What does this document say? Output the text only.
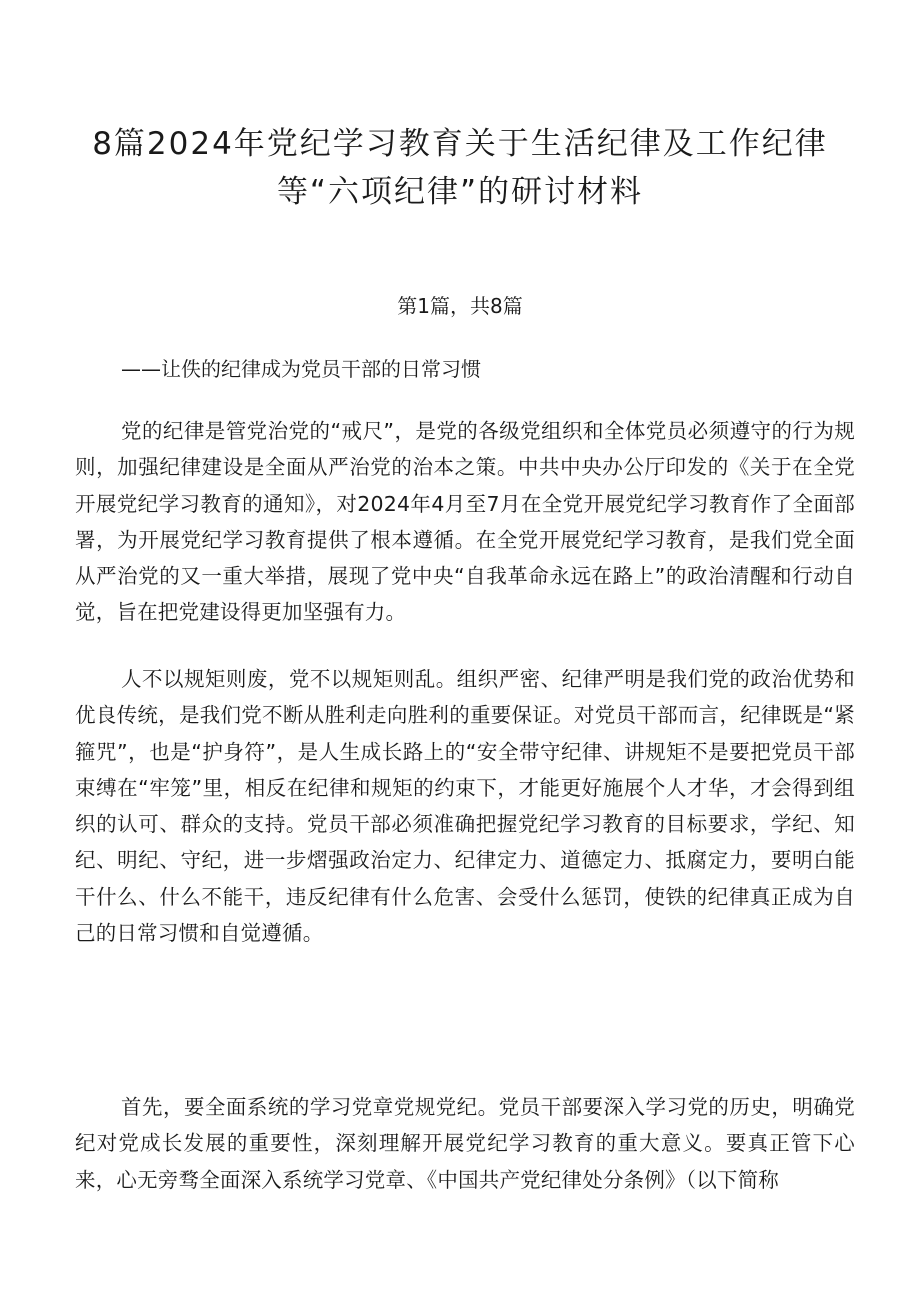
8篇2024年党纪学习教育关于生活纪律及工作纪律
等“六项纪律”的研讨材料

第1篇，共8篇

——让佚的纪律成为党员干部的日常习惯

党的纪律是管党治党的“戒尺”，是党的各级党组织和全体党员必须遵守的行为规则，加强纪律建设是全面从严治党的治本之策。中共中央办公厅印发的《关于在全党开展党纪学习教育的通知》，对2024年4月至7月在全党开展党纪学习教育作了全面部署，为开展党纪学习教育提供了根本遵循。在全党开展党纪学习教育，是我们党全面从严治党的又一重大举措，展现了党中央“自我革命永远在路上”的政治清醒和行动自觉，旨在把党建设得更加坚强有力。

人不以规矩则废，党不以规矩则乱。组织严密、纪律严明是我们党的政治优势和优良传统，是我们党不断从胜利走向胜利的重要保证。对党员干部而言，纪律既是“紧箍咒”，也是“护身符”，是人生成长路上的“安全带守纪律、讲规矩不是要把党员干部束缚在“牢笼”里，相反在纪律和规矩的约束下，才能更好施展个人才华，才会得到组织的认可、群众的支持。党员干部必须准确把握党纪学习教育的目标要求，学纪、知纪、明纪、守纪，进一步熠强政治定力、纪律定力、道德定力、抵腐定力，要明白能干什么、什么不能干，违反纪律有什么危害、会受什么惩罚，使铁的纪律真正成为自己的日常习惯和自觉遵循。

首先，要全面系统的学习党章党规党纪。党员干部要深入学习党的历史，明确党纪对党成长发展的重要性，深刻理解开展党纪学习教育的重大意义。要真正管下心来，心无旁骛全面深入系统学习党章、《中国共产党纪律处分条例》（以下简称
